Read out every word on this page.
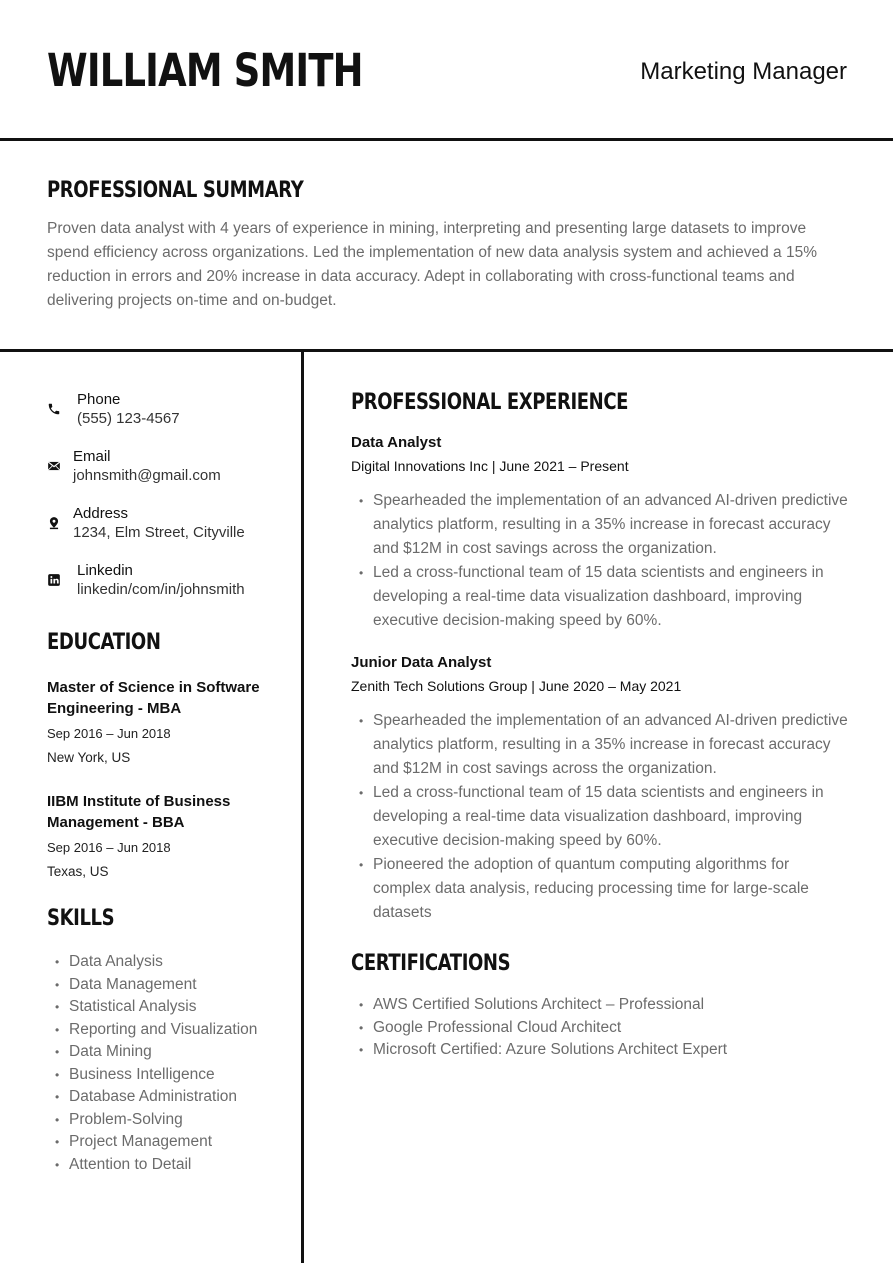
WILLIAM SMITH	Marketing Manager
PROFESSIONAL SUMMARY
Proven data analyst with 4 years of experience in mining, interpreting and presenting large datasets to improve spend efficiency across organizations. Led the implementation of new data analysis system and achieved a 15% reduction in errors and 20% increase in data accuracy. Adept in collaborating with cross-functional teams and delivering projects on-time and on-budget.
Phone
(555) 123-4567
Email
johnsmith@gmail.com
Address
1234, Elm Street, Cityville
Linkedin
linkedin/com/in/johnsmith
EDUCATION
Master of Science in Software Engineering - MBA
Sep 2016 – Jun 2018
New York, US
IIBM Institute of Business Management - BBA
Sep 2016 – Jun 2018
Texas, US
SKILLS
• Data Analysis
• Data Management
• Statistical Analysis
• Reporting and Visualization
• Data Mining
• Business Intelligence
• Database Administration
• Problem-Solving
• Project Management
• Attention to Detail
PROFESSIONAL EXPERIENCE
Data Analyst
Digital Innovations Inc | June 2021 – Present
• Spearheaded the implementation of an advanced AI-driven predictive analytics platform, resulting in a 35% increase in forecast accuracy and $12M in cost savings across the organization.
• Led a cross-functional team of 15 data scientists and engineers in developing a real-time data visualization dashboard, improving executive decision-making speed by 60%.
Junior Data Analyst
Zenith Tech Solutions Group | June 2020 – May 2021
• Spearheaded the implementation of an advanced AI-driven predictive analytics platform, resulting in a 35% increase in forecast accuracy and $12M in cost savings across the organization.
• Led a cross-functional team of 15 data scientists and engineers in developing a real-time data visualization dashboard, improving executive decision-making speed by 60%.
• Pioneered the adoption of quantum computing algorithms for complex data analysis, reducing processing time for large-scale datasets
CERTIFICATIONS
• AWS Certified Solutions Architect – Professional
• Google Professional Cloud Architect
• Microsoft Certified: Azure Solutions Architect Expert
